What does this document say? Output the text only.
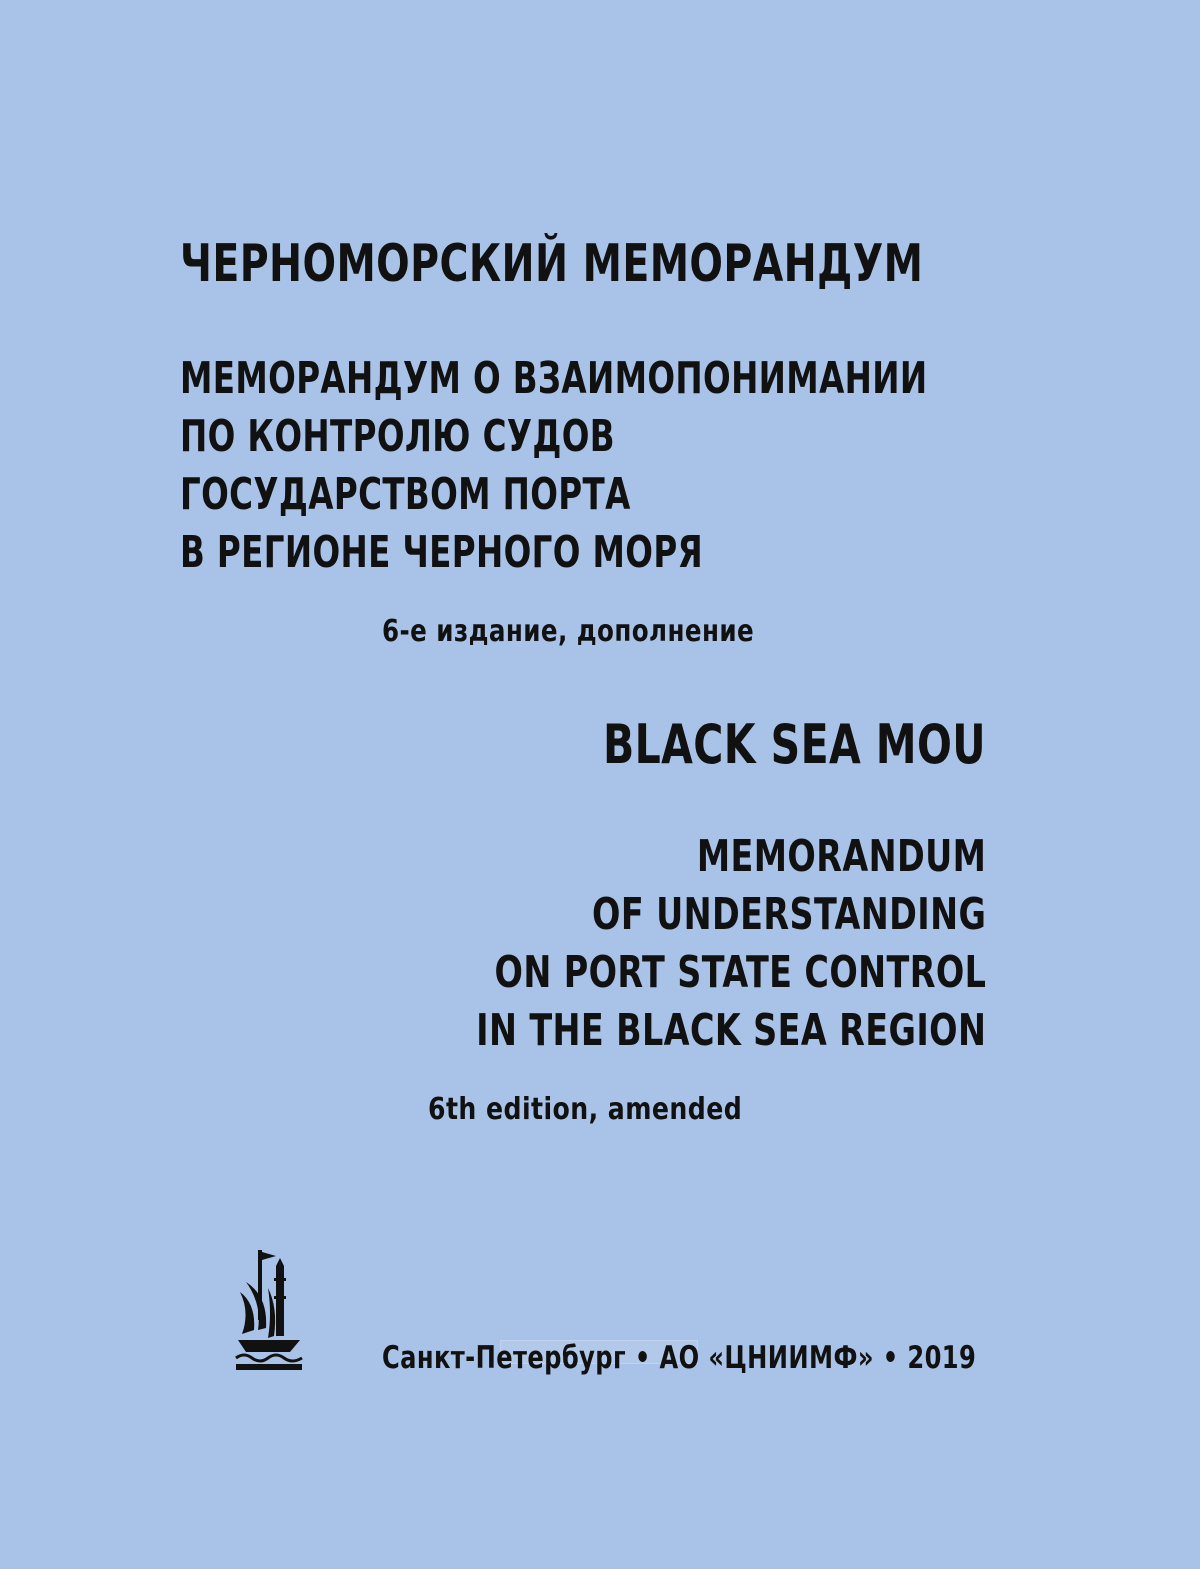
ЧЕРНОМОРСКИЙ МЕМОРАНДУМ
МЕМОРАНДУМ О ВЗАИМОПОНИМАНИИ
ПО КОНТРОЛЮ СУДОВ
ГОСУДАРСТВОМ ПОРТА
В РЕГИОНЕ ЧЕРНОГО МОРЯ
6-е издание, дополнение
BLACK SEA MOU
MEMORANDUM
OF UNDERSTANDING
ON PORT STATE CONTROL
IN THE BLACK SEA REGION
6th edition, amended
Санкт-Петербург • АО «ЦНИИМФ» • 2019
